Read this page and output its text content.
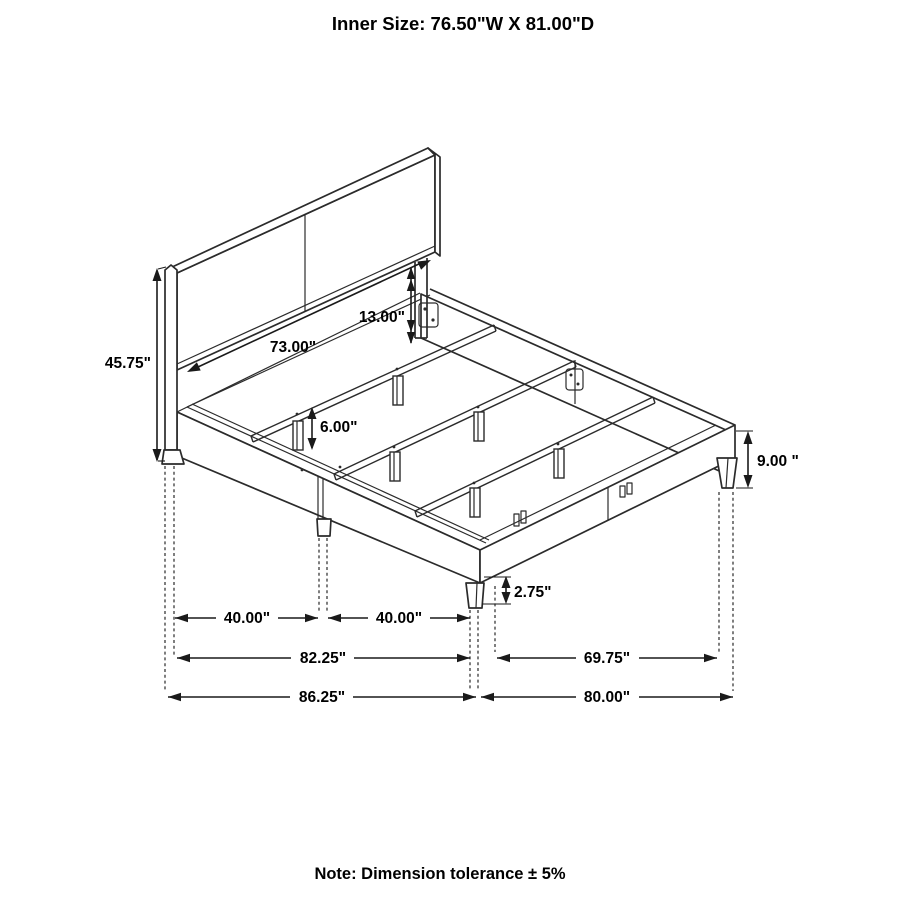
Inner Size: 76.50"W X 81.00"D
45.75"
73.00"
13.00"
6.00"
9.00 "
2.75"
40.00"	40.00"
82.25"	69.75"
86.25"	80.00"
Note: Dimension tolerance ± 5%
